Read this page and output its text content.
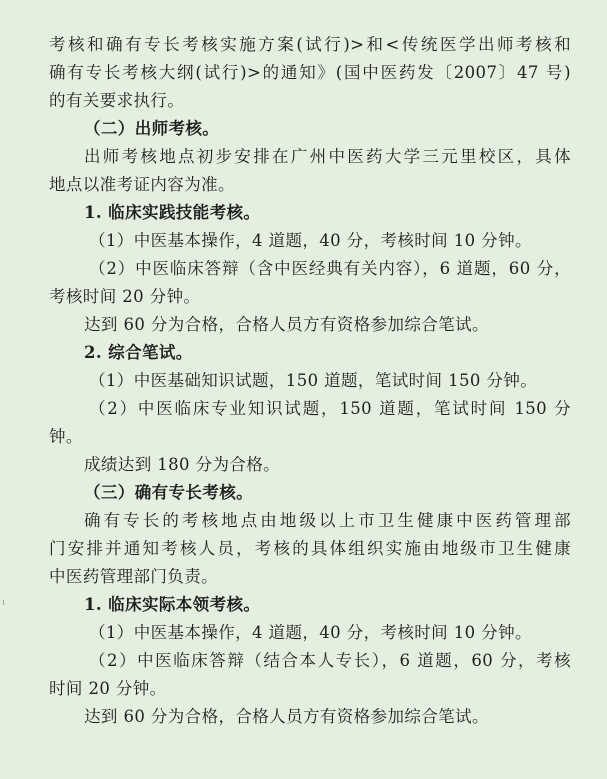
考核和确有专长考核实施方案(试行)>和<传统医学出师考核和
确有专长考核大纲(试行)>的通知》(国中医药发〔2007〕47 号)
的有关要求执行。
（二）出师考核。
出师考核地点初步安排在广州中医药大学三元里校区，具体
地点以准考证内容为准。
1. 临床实践技能考核。
（1）中医基本操作，4 道题，40 分，考核时间 10 分钟。
（2）中医临床答辩（含中医经典有关内容），6 道题，60 分，
考核时间 20 分钟。
达到 60 分为合格，合格人员方有资格参加综合笔试。
2. 综合笔试。
（1）中医基础知识试题，150 道题，笔试时间 150 分钟。
（2）中医临床专业知识试题，150 道题，笔试时间 150 分
钟。
成绩达到 180 分为合格。
（三）确有专长考核。
确有专长的考核地点由地级以上市卫生健康中医药管理部
门安排并通知考核人员，考核的具体组织实施由地级市卫生健康
中医药管理部门负责。
1. 临床实际本领考核。
（1）中医基本操作，4 道题，40 分，考核时间 10 分钟。
（2）中医临床答辩（结合本人专长），6 道题，60 分，考核
时间 20 分钟。
达到 60 分为合格，合格人员方有资格参加综合笔试。
